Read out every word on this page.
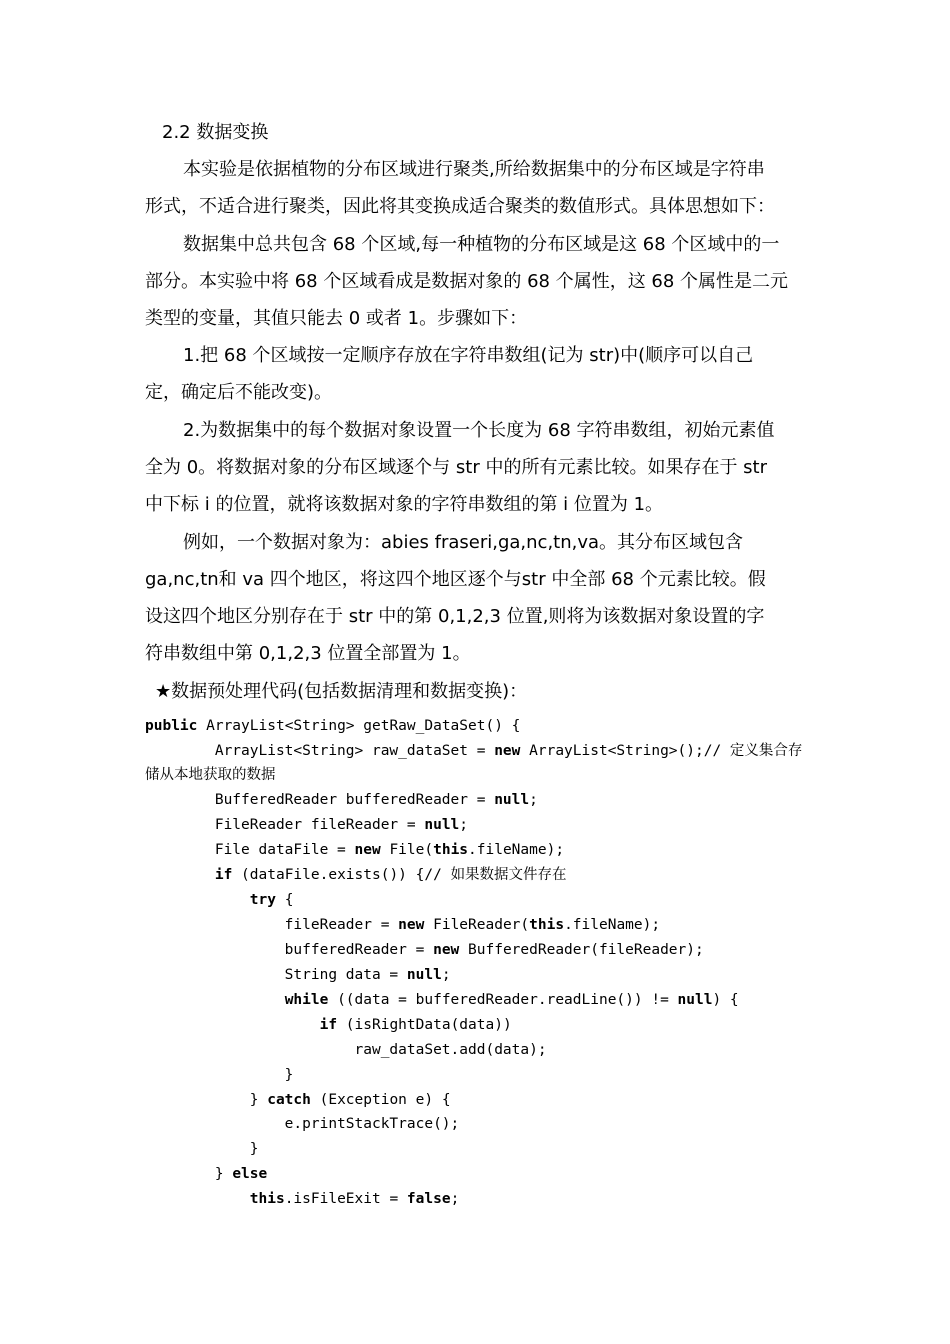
2.2 数据变换
本实验是依据植物的分布区域进行聚类,所给数据集中的分布区域是字符串
形式，不适合进行聚类，因此将其变换成适合聚类的数值形式。具体思想如下：
数据集中总共包含 68 个区域,每一种植物的分布区域是这 68 个区域中的一
部分。本实验中将 68 个区域看成是数据对象的 68 个属性，这 68 个属性是二元
类型的变量，其值只能去 0 或者 1。步骤如下：
1.把 68 个区域按一定顺序存放在字符串数组(记为 str)中(顺序可以自己
定，确定后不能改变)。
2.为数据集中的每个数据对象设置一个长度为 68 字符串数组，初始元素值
全为 0。将数据对象的分布区域逐个与 str 中的所有元素比较。如果存在于 str
中下标 i 的位置，就将该数据对象的字符串数组的第 i 位置为 1。
例如，一个数据对象为：abies fraseri,ga,nc,tn,va。其分布区域包含
ga,nc,tn和 va 四个地区，将这四个地区逐个与str 中全部 68 个元素比较。假
设这四个地区分别存在于 str 中的第 0,1,2,3 位置,则将为该数据对象设置的字
符串数组中第 0,1,2,3 位置全部置为 1。
★数据预处理代码(包括数据清理和数据变换)：
public ArrayList<String> getRaw_DataSet() {
ArrayList<String> raw_dataSet = new ArrayList<String>();// 定义集合存
储从本地获取的数据
BufferedReader bufferedReader = null;
FileReader fileReader = null;
File dataFile = new File(this.fileName);
if (dataFile.exists()) {// 如果数据文件存在
try {
fileReader = new FileReader(this.fileName);
bufferedReader = new BufferedReader(fileReader);
String data = null;
while ((data = bufferedReader.readLine()) != null) {
if (isRightData(data))
raw_dataSet.add(data);
}
} catch (Exception e) {
e.printStackTrace();
}
} else
this.isFileExit = false;
